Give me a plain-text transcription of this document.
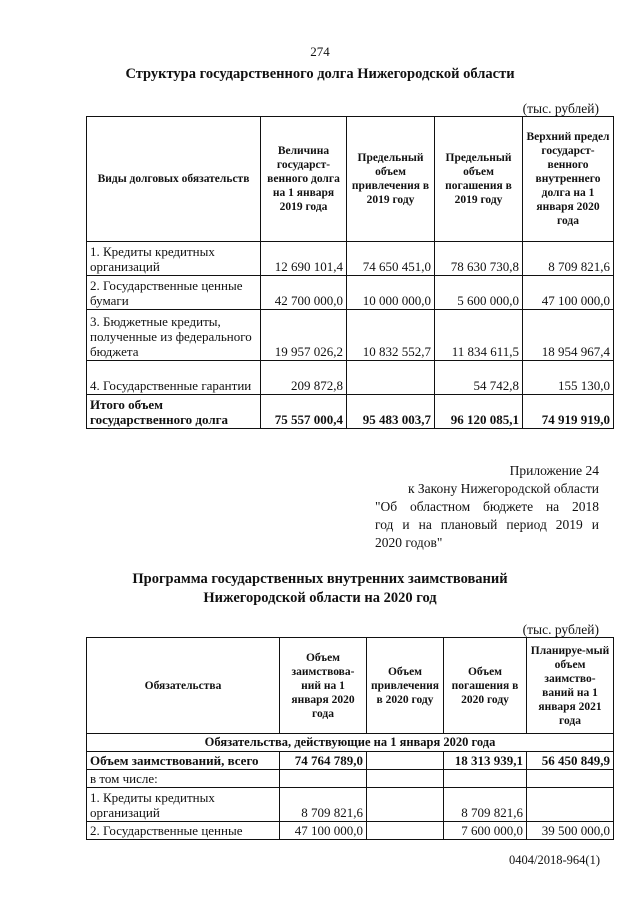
274
Структура государственного долга Нижегородской области
(тыс. рублей)
Виды долговых обязательств	Величина государст-венного долга на 1 января 2019 года	Предельный объем привлечения в 2019 году	Предельный объем погашения в 2019 году	Верхний предел государст-венного внутреннего долга на 1 января 2020 года
1. Кредиты кредитных организаций	12 690 101,4	74 650 451,0	78 630 730,8	8 709 821,6
2. Государственные ценные бумаги	42 700 000,0	10 000 000,0	5 600 000,0	47 100 000,0
3. Бюджетные кредиты, полученные из федерального бюджета	19 957 026,2	10 832 552,7	11 834 611,5	18 954 967,4
4. Государственные гарантии	209 872,8		54 742,8	155 130,0
Итого объем государственного долга	75 557 000,4	95 483 003,7	96 120 085,1	74 919 919,0
Приложение 24
к Закону Нижегородской области
"Об областном бюджете на 2018
год и на плановый период 2019 и
2020 годов"
Программа государственных внутренних заимствований
Нижегородской области на 2020 год
(тыс. рублей)
Обязательства	Объем заимствова-ний на 1 января 2020 года	Объем привлечения в 2020 году	Объем погашения в 2020 году	Планируе-мый объем заимство-ваний на 1 января 2021 года
Обязательства, действующие на 1 января 2020 года				
Объем заимствований, всего	74 764 789,0		18 313 939,1	56 450 849,9
в том числе:				
1. Кредиты кредитных организаций	8 709 821,6		8 709 821,6	
2. Государственные ценные	47 100 000,0		7 600 000,0	39 500 000,0
0404/2018-964(1)
